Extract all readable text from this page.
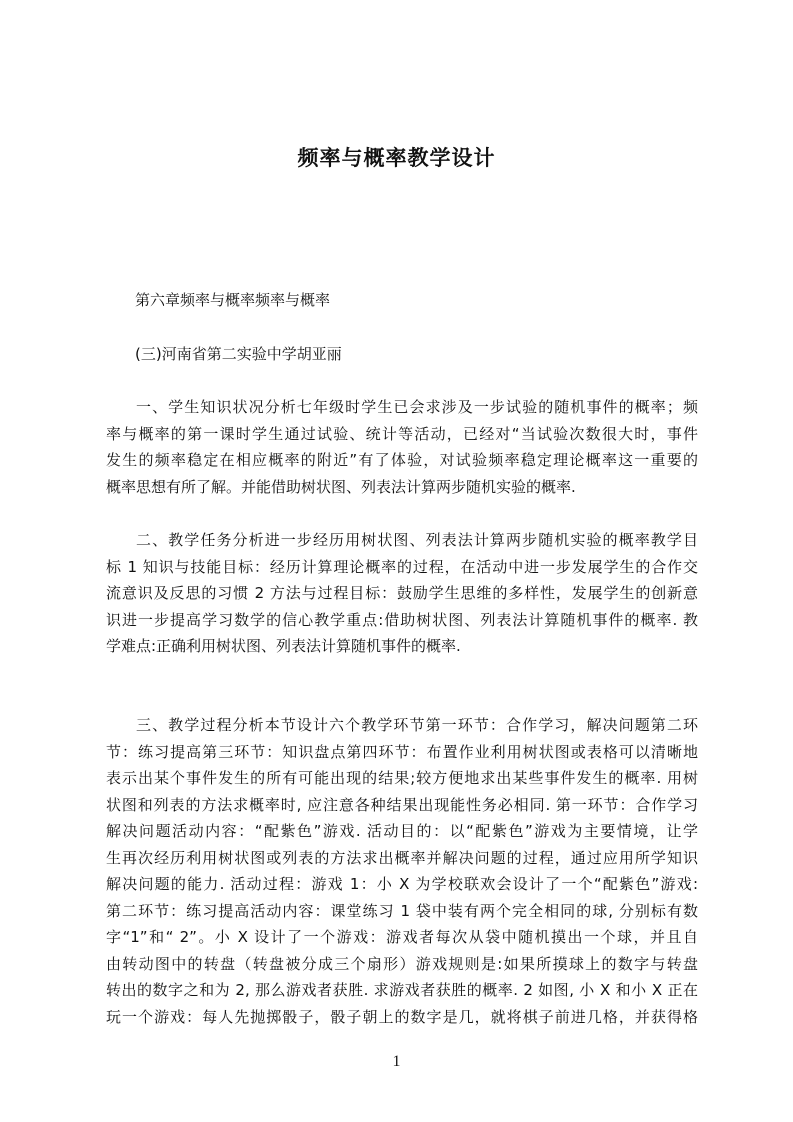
频率与概率教学设计
第六章频率与概率频率与概率
(三)河南省第二实验中学胡亚丽
一、学生知识状况分析七年级时学生已会求涉及一步试验的随机事件的概率；频
率与概率的第一课时学生通过试验、统计等活动，已经对“当试验次数很大时，事件
发生的频率稳定在相应概率的附近”有了体验，对试验频率稳定理论概率这一重要的
概率思想有所了解。并能借助树状图、列表法计算两步随机实验的概率.
二、教学任务分析进一步经历用树状图、列表法计算两步随机实验的概率教学目
标 1 知识与技能目标：经历计算理论概率的过程，在活动中进一步发展学生的合作交
流意识及反思的习惯 2 方法与过程目标：鼓励学生思维的多样性，发展学生的创新意
识进一步提高学习数学的信心教学重点:借助树状图、列表法计算随机事件的概率. 教
学难点:正确利用树状图、列表法计算随机事件的概率.
三、教学过程分析本节设计六个教学环节第一环节：合作学习，解决问题第二环
节：练习提高第三环节：知识盘点第四环节：布置作业利用树状图或表格可以清晰地
表示出某个事件发生的所有可能出现的结果;较方便地求出某些事件发生的概率. 用树
状图和列表的方法求概率时, 应注意各种结果出现能性务必相同. 第一环节：合作学习
解决问题活动内容：“配紫色”游戏. 活动目的：以“配紫色”游戏为主要情境，让学
生再次经历利用树状图或列表的方法求出概率并解决问题的过程，通过应用所学知识
解决问题的能力. 活动过程：游戏 1：小 X 为学校联欢会设计了一个“配紫色”游戏:
第二环节：练习提高活动内容：课堂练习 1 袋中装有两个完全相同的球, 分别标有数
字“1”和“ 2”。小 X 设计了一个游戏：游戏者每次从袋中随机摸出一个球，并且自
由转动图中的转盘（转盘被分成三个扇形）游戏规则是:如果所摸球上的数字与转盘
转出的数字之和为 2, 那么游戏者获胜. 求游戏者获胜的概率. 2 如图, 小 X 和小 X 正在
玩一个游戏：每人先抛掷骰子，骰子朝上的数字是几，就将棋子前进几格，并获得格
1
